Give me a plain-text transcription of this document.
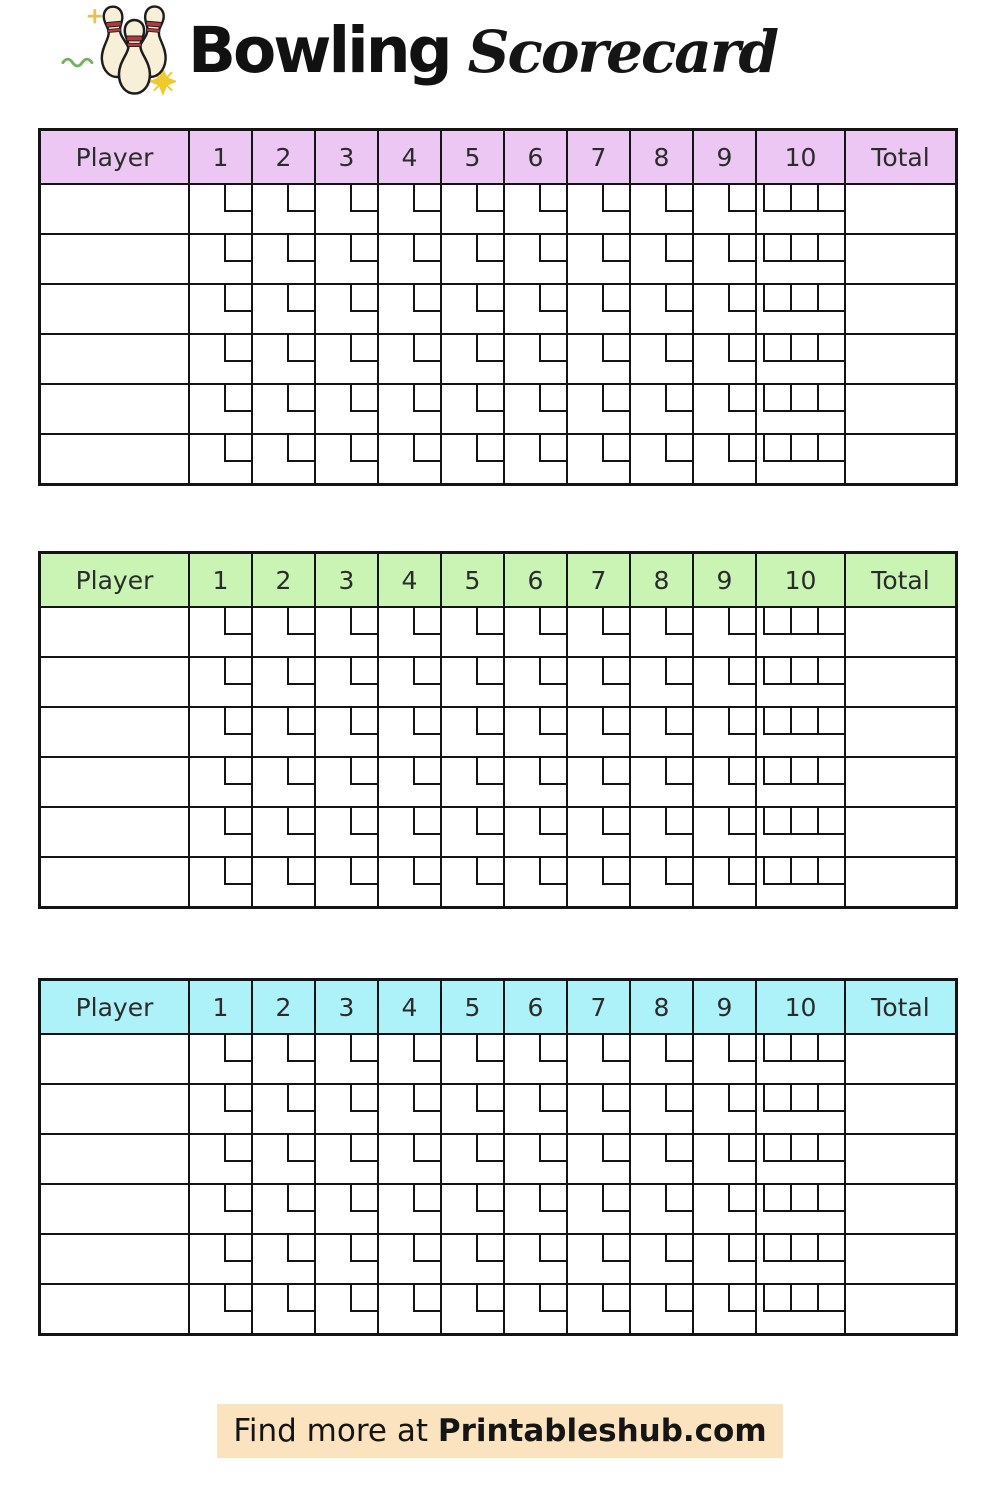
Bowling Scorecard
Player	1	2	3	4	5	6	7	8	9	10	Total
Player	1	2	3	4	5	6	7	8	9	10	Total
Player	1	2	3	4	5	6	7	8	9	10	Total
Find more at Printableshub.com
